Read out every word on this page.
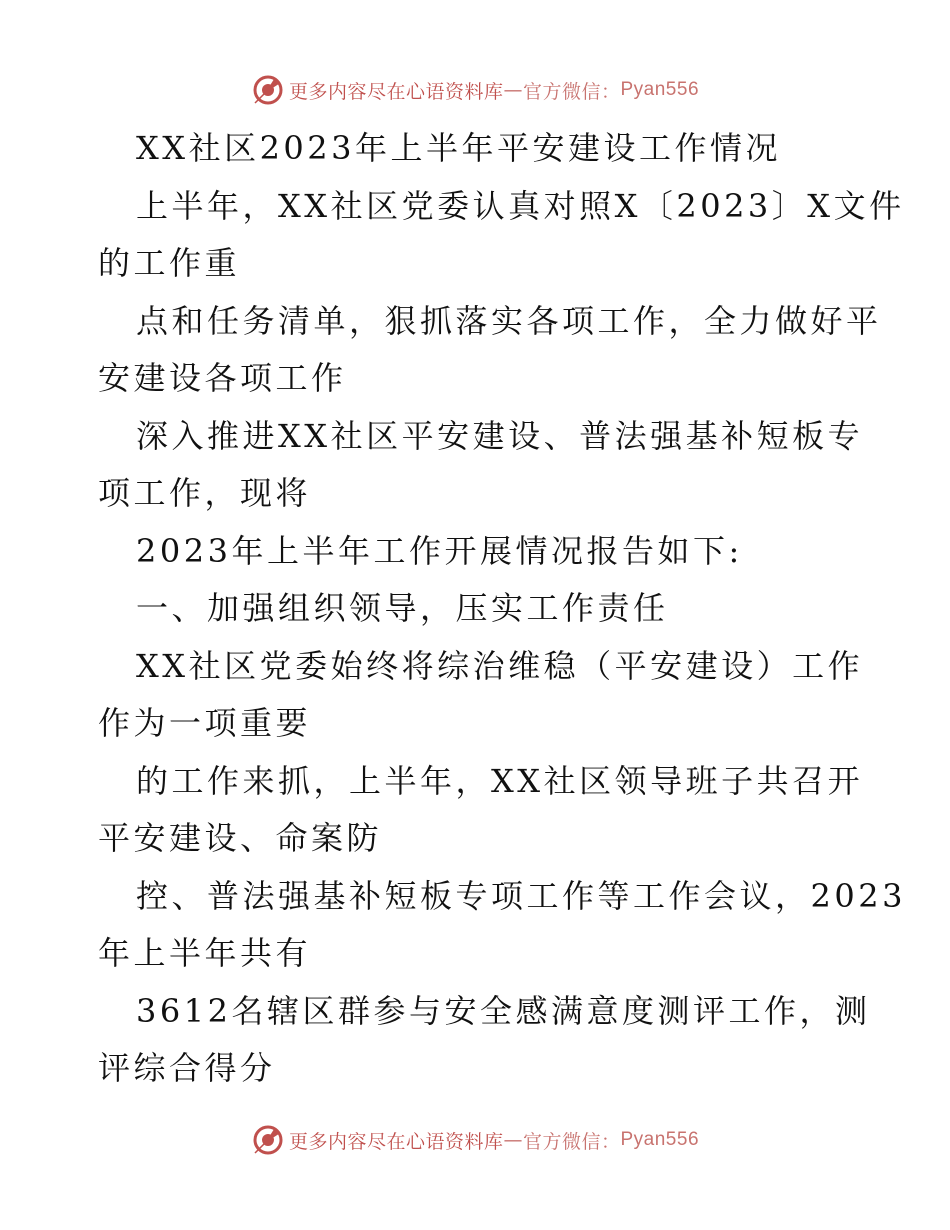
更多内容尽在心语资料库 — 官方微信： Pyan556
XX社区2023年上半年平安建设工作情况
上半年，XX社区党委认真对照X〔2023〕X文件
的工作重
点和任务清单，狠抓落实各项工作，全力做好平
安建设各项工作
深入推进XX社区平安建设、普法强基补短板专
项工作，现将
2023年上半年工作开展情况报告如下:
一、加强组织领导，压实工作责任
XX社区党委始终将综治维稳（平安建设）工作
作为一项重要
的工作来抓，上半年，XX社区领导班子共召开
平安建设、命案防
控、普法强基补短板专项工作等工作会议，2023
年上半年共有
3612名辖区群参与安全感满意度测评工作，测
评综合得分
更多内容尽在心语资料库 — 官方微信： Pyan556
